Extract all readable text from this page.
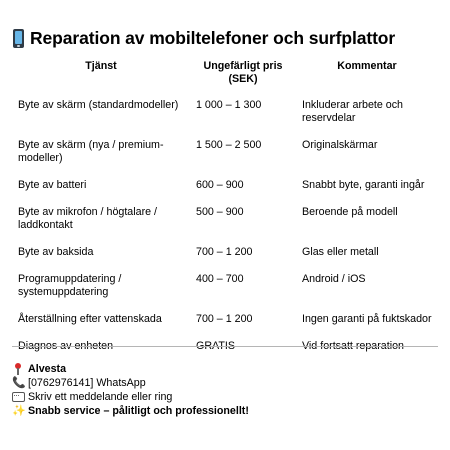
Reparation av mobiltelefoner och surfplattor
Tjänst	Ungefärligt pris (SEK)	Kommentar
Byte av skärm (standardmodeller)	1 000 – 1 300	Inkluderar arbete och reservdelar
Byte av skärm (nya / premium-modeller)	1 500 – 2 500	Originalskärmar
Byte av batteri	600 – 900	Snabbt byte, garanti ingår
Byte av mikrofon / högtalare / laddkontakt	500 – 900	Beroende på modell
Byte av baksida	700 – 1 200	Glas eller metall
Programuppdatering / systemuppdatering	400 – 700	Android / iOS
Återställning efter vattenskada	700 – 1 200	Ingen garanti på fuktskador
Diagnos av enheten	GRATIS	Vid fortsatt reparation
Alvesta
📞 [0762976141] WhatsApp
···
Skriv ett meddelande eller ring
✨ Snabb service – pålitligt och professionellt!
